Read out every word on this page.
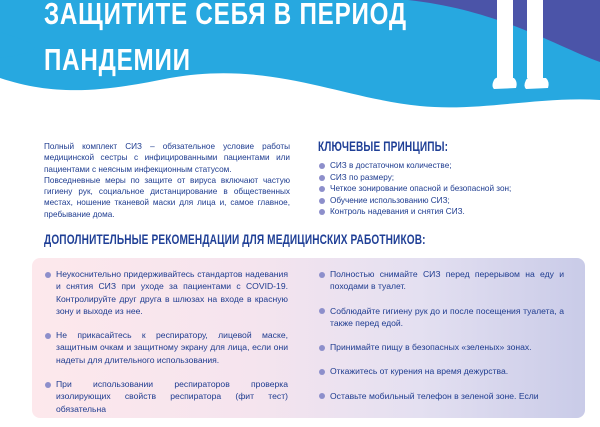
ЗАЩИТИТЕ СЕБЯ В ПЕРИОД
ПАНДЕМИИ

Полный комплект СИЗ – обязательное условие работы медицинской сестры с инфицированными пациентами или пациентами с неясным инфекционным статусом.

Повседневные меры по защите от вируса включают частую гигиену рук, социальное дистанцирование в общественных местах, ношение тканевой маски для лица и, самое главное, пребывание дома.

КЛЮЧЕВЫЕ ПРИНЦИПЫ:
СИЗ в достаточном количестве;
СИЗ по размеру;
Четкое зонирование опасной и безопасной зон;
Обучение использованию СИЗ;
Контроль надевания и снятия СИЗ.
ДОПОЛНИТЕЛЬНЫЕ РЕКОМЕНДАЦИИ ДЛЯ МЕДИЦИНСКИХ РАБОТНИКОВ:
Неукоснительно придерживайтесь стандартов надевания и снятия СИЗ при уходе за пациентами с COVID-19. Контролируйте друг друга в шлюзах на входе в красную зону и выходе из нее.
Не прикасайтесь к респиратору, лицевой маске, защитным очкам и защитному экрану для лица, если они надеты для длительного использования.
При использовании респираторов проверка изолирующих свойств респиратора (фит тест) обязательна
Полностью снимайте СИЗ перед перерывом на еду и походами в туалет.
Соблюдайте гигиену рук до и после посещения туалета, а также перед едой.
Принимайте пищу в безопасных «зеленых» зонах.
Откажитесь от курения на время дежурства.
Оставьте мобильный телефон в зеленой зоне. Если
